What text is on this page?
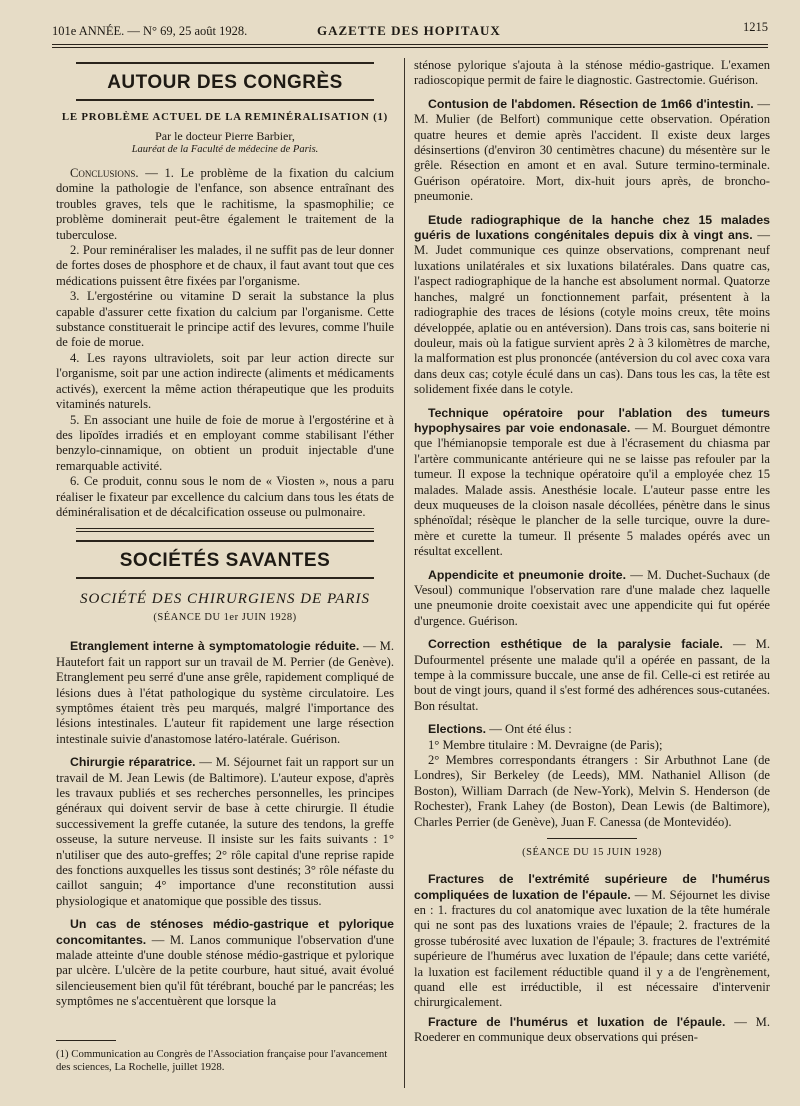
101e ANNÉE. — N° 69, 25 août 1928.	GAZETTE DES HOPITAUX	1215
AUTOUR DES CONGRÈS
LE PROBLÈME ACTUEL DE LA REMINÉRALISATION (1)
Par le docteur Pierre Barbier,
Lauréat de la Faculté de médecine de Paris.

Conclusions. — 1. Le problème de la fixation du calcium domine la pathologie de l'enfance, son absence entraînant des troubles graves, tels que le rachitisme, la spasmophilie; ce problème dominerait peut-être également le traitement de la tuberculose.

2. Pour reminéraliser les malades, il ne suffit pas de leur donner de fortes doses de phosphore et de chaux, il faut avant tout que ces médications puissent être fixées par l'organisme.

3. L'ergostérine ou vitamine D serait la substance la plus capable d'assurer cette fixation du calcium par l'organisme. Cette substance constituerait le principe actif des levures, comme l'huile de foie de morue.

4. Les rayons ultraviolets, soit par leur action directe sur l'organisme, soit par une action indirecte (aliments et médicaments activés), exercent la même action thérapeutique que les produits vitaminés naturels.

5. En associant une huile de foie de morue à l'ergostérine et à des lipoïdes irradiés et en employant comme stabilisant l'éther benzylo-cinnamique, on obtient un produit injectable d'une remarquable activité.

6. Ce produit, connu sous le nom de « Viosten », nous a paru réaliser le fixateur par excellence du calcium dans tous les états de déminéralisation et de décalcification osseuse ou pulmonaire.

SOCIÉTÉS SAVANTES
SOCIÉTÉ DES CHIRURGIENS DE PARIS
(SÉANCE DU 1er JUIN 1928)

Etranglement interne à symptomatologie réduite. — M. Hautefort fait un rapport sur un travail de M. Perrier (de Genève). Etranglement peu serré d'une anse grêle, rapidement compliqué de lésions dues à l'état pathologique du système circulatoire. Les symptômes étaient très peu marqués, malgré l'importance des lésions intestinales. L'auteur fit rapidement une large résection intestinale suivie d'anastomose latéro-latérale. Guérison.

Chirurgie réparatrice. — M. Séjournet fait un rapport sur un travail de M. Jean Lewis (de Baltimore). L'auteur expose, d'après les travaux publiés et ses recherches personnelles, les principes généraux qui doivent servir de base à cette chirurgie. Il étudie successivement la greffe cutanée, la suture des tendons, la greffe osseuse, la suture nerveuse. Il insiste sur les faits suivants : 1° n'utiliser que des auto-greffes; 2° rôle capital d'une reprise rapide des fonctions auxquelles les tissus sont destinés; 3° rôle néfaste du caillot sanguin; 4° importance d'une reconstitution aussi physiologique et anatomique que possible des tissus.

Un cas de sténoses médio-gastrique et pylorique concomitantes. — M. Lanos communique l'observation d'une malade atteinte d'une double sténose médio-gastrique et pylorique par ulcère. L'ulcère de la petite courbure, haut situé, avait évolué silencieusement bien qu'il fût térébrant, bouché par le pancréas; les symptômes ne s'accentuèrent que lorsque la

(1) Communication au Congrès de l'Association française pour l'avancement des sciences, La Rochelle, juillet 1928.

sténose pylorique s'ajouta à la sténose médio-gastrique. L'examen radioscopique permit de faire le diagnostic. Gastrectomie. Guérison.

Contusion de l'abdomen. Résection de 1m66 d'intestin. — M. Mulier (de Belfort) communique cette observation. Opération quatre heures et demie après l'accident. Il existe deux larges désinsertions (d'environ 30 centimètres chacune) du mésentère sur le grêle. Résection en amont et en aval. Suture termino-terminale. Guérison opératoire. Mort, dix-huit jours après, de broncho-pneumonie.

Etude radiographique de la hanche chez 15 malades guéris de luxations congénitales depuis dix à vingt ans. — M. Judet communique ces quinze observations, comprenant neuf luxations unilatérales et six luxations bilatérales. Dans quatre cas, l'aspect radiographique de la hanche est absolument normal. Quatorze hanches, malgré un fonctionnement parfait, présentent à la radiographie des traces de lésions (cotyle moins creux, tête moins développée, aplatie ou en antéversion). Dans trois cas, sans boiterie ni douleur, mais où la fatigue survient après 2 à 3 kilomètres de marche, la malformation est plus prononcée (antéversion du col avec coxa vara dans deux cas; cotyle éculé dans un cas). Dans tous les cas, la tête est solidement fixée dans le cotyle.

Technique opératoire pour l'ablation des tumeurs hypophysaires par voie endonasale. — M. Bourguet démontre que l'hémianopsie temporale est due à l'écrasement du chiasma par l'artère communicante antérieure qui ne se laisse pas refouler par la tumeur. Il expose la technique opératoire qu'il a employée chez 15 malades. Malade assis. Anesthésie locale. L'auteur passe entre les deux muqueuses de la cloison nasale décollées, pénètre dans le sinus sphénoïdal; résèque le plancher de la selle turcique, ouvre la dure-mère et curette la tumeur. Il présente 5 malades opérés avec un résultat excellent.

Appendicite et pneumonie droite. — M. Duchet-Suchaux (de Vesoul) communique l'observation rare d'une malade chez laquelle une pneumonie droite coexistait avec une appendicite qui fut opérée d'urgence. Guérison.

Correction esthétique de la paralysie faciale. — M. Dufourmentel présente une malade qu'il a opérée en passant, de la tempe à la commissure buccale, une anse de fil. Celle-ci est retirée au bout de vingt jours, quand il s'est formé des adhérences sous-cutanées. Bon résultat.

Elections. — Ont été élus :

1° Membre titulaire : M. Devraigne (de Paris);

2° Membres correspondants étrangers : Sir Arbuthnot Lane (de Londres), Sir Berkeley (de Leeds), MM. Nathaniel Allison (de Boston), William Darrach (de New-York), Melvin S. Henderson (de Rochester), Frank Lahey (de Boston), Dean Lewis (de Baltimore), Charles Perrier (de Genève), Juan F. Canessa (de Montevidéo).

(SÉANCE DU 15 JUIN 1928)

Fractures de l'extrémité supérieure de l'humérus compliquées de luxation de l'épaule. — M. Séjournet les divise en : 1. fractures du col anatomique avec luxation de la tête humérale qui ne sont pas des luxations vraies de l'épaule; 2. fractures de la grosse tubérosité avec luxation de l'épaule; 3. fractures de l'extrémité supérieure de l'humérus avec luxation de l'épaule; dans cette variété, la luxation est facilement réductible quand il y a de l'engrènement, quand elle est irréductible, il est nécessaire d'intervenir chirurgicalement.

Fracture de l'humérus et luxation de l'épaule. — M. Roederer en communique deux observations qui présen-
